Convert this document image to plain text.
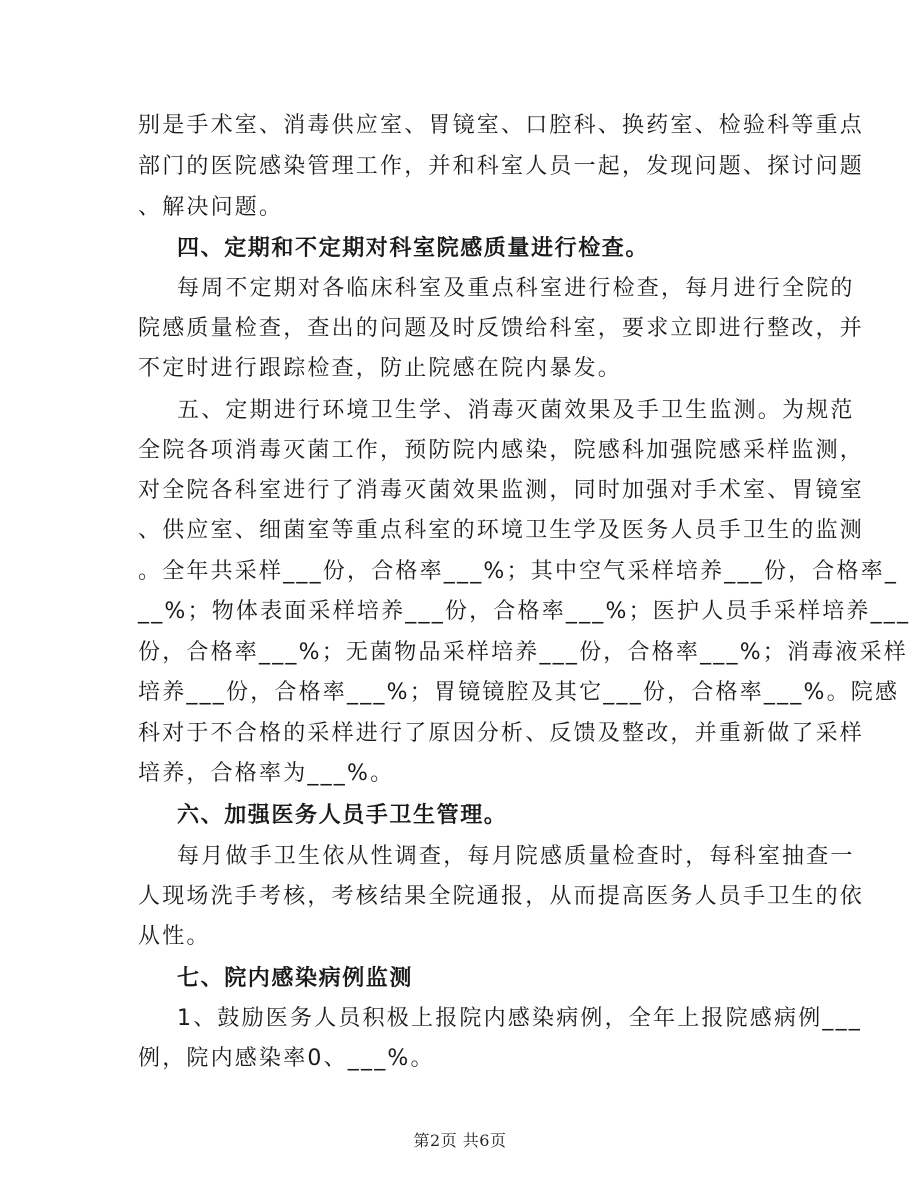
别是手术室、消毒供应室、胃镜室、口腔科、换药室、检验科等重点
部门的医院感染管理工作，并和科室人员一起，发现问题、探讨问题
、解决问题。
四、定期和不定期对科室院感质量进行检查。
每周不定期对各临床科室及重点科室进行检查，每月进行全院的
院感质量检查，查出的问题及时反馈给科室，要求立即进行整改，并
不定时进行跟踪检查，防止院感在院内暴发。
五、定期进行环境卫生学、消毒灭菌效果及手卫生监测。为规范
全院各项消毒灭菌工作，预防院内感染，院感科加强院感采样监测，
对全院各科室进行了消毒灭菌效果监测，同时加强对手术室、胃镜室
、供应室、细菌室等重点科室的环境卫生学及医务人员手卫生的监测
。全年共采样___份，合格率___%；其中空气采样培养___份，合格率_
__%；物体表面采样培养___份，合格率___%；医护人员手采样培养___
份，合格率___%；无菌物品采样培养___份，合格率___%；消毒液采样
培养___份，合格率___%；胃镜镜腔及其它___份，合格率___%。院感
科对于不合格的采样进行了原因分析、反馈及整改，并重新做了采样
培养，合格率为___%。
六、加强医务人员手卫生管理。
每月做手卫生依从性调查，每月院感质量检查时，每科室抽查一
人现场洗手考核，考核结果全院通报，从而提高医务人员手卫生的依
从性。
七、院内感染病例监测
1、鼓励医务人员积极上报院内感染病例，全年上报院感病例___
例，院内感染率0、___%。
第2页 共6页
